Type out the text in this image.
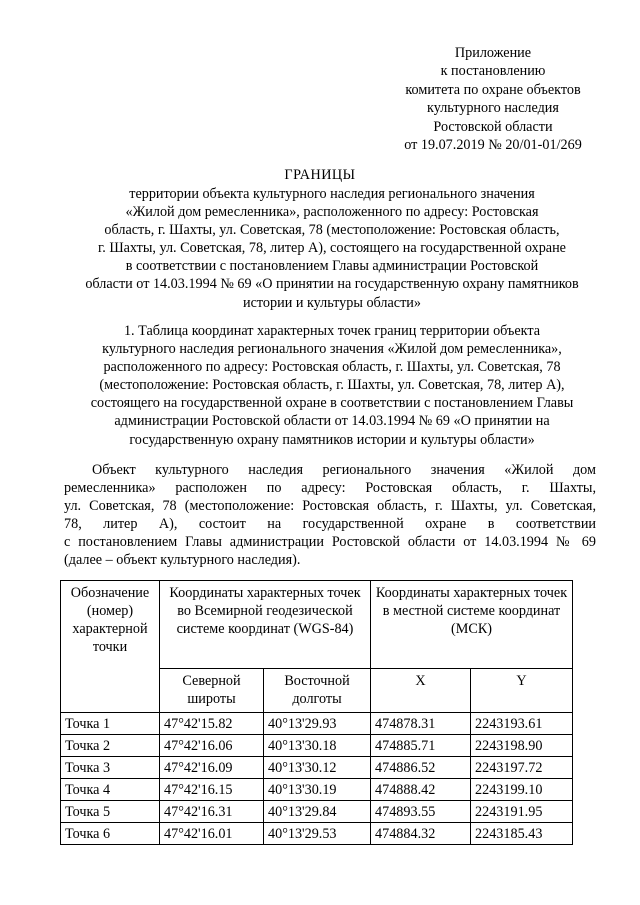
Приложение
к постановлению
комитета по охране объектов
культурного наследия
Ростовской области
от 19.07.2019 № 20/01-01/269
ГРАНИЦЫ
территории объекта культурного наследия регионального значения
«Жилой дом ремесленника», расположенного по адресу: Ростовская
область, г. Шахты, ул. Советская, 78 (местоположение: Ростовская область,
г. Шахты, ул. Советская, 78, литер А), состоящего на государственной охране
в соответствии с постановлением Главы администрации Ростовской
области от 14.03.1994 № 69 «О принятии на государственную охрану памятников
истории и культуры области»
1. Таблица координат характерных точек границ территории объекта
культурного наследия регионального значения «Жилой дом ремесленника»,
расположенного по адресу: Ростовская область, г. Шахты, ул. Советская, 78
(местоположение: Ростовская область, г. Шахты, ул. Советская, 78, литер А),
состоящего на государственной охране в соответствии с постановлением Главы
администрации Ростовской области от 14.03.1994 № 69 «О принятии на
государственную охрану памятников истории и культуры области»
Объект культурного наследия регионального значения «Жилой дом
ремесленника» расположен по адресу: Ростовская область, г. Шахты,
ул. Советская, 78 (местоположение: Ростовская область, г. Шахты, ул. Советская,
78, литер А), состоит на государственной охране в соответствии
с постановлением Главы администрации Ростовской области от 14.03.1994 № 69
(далее – объект культурного наследия).
Обозначение (номер) характерной точки	Координаты характерных точек во Всемирной геодезической системе координат (WGS-84)		Координаты характерных точек в местной системе координат (МСК)	
	Северной широты	Восточной долготы	X	Y
Точка 1	47°42'15.82	40°13'29.93	474878.31	2243193.61
Точка 2	47°42'16.06	40°13'30.18	474885.71	2243198.90
Точка 3	47°42'16.09	40°13'30.12	474886.52	2243197.72
Точка 4	47°42'16.15	40°13'30.19	474888.42	2243199.10
Точка 5	47°42'16.31	40°13'29.84	474893.55	2243191.95
Точка 6	47°42'16.01	40°13'29.53	474884.32	2243185.43
